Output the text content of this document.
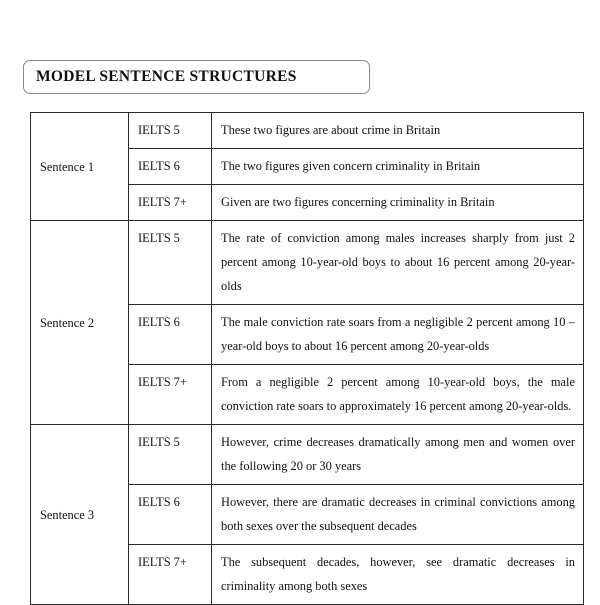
MODEL SENTENCE STRUCTURES
Sentence 1	IELTS 5	These two figures are about crime in Britain
	IELTS 6	The two figures given concern criminality in Britain
	IELTS 7+	Given are two figures concerning criminality in Britain
Sentence 2	IELTS 5	The rate of conviction among males increases sharply from just 2 percent among 10-year-old boys to about 16 percent among 20-year-olds
	IELTS 6	The male conviction rate soars from a negligible 2 percent among 10 –year-old boys to about 16 percent among 20-year-olds
	IELTS 7+	From a negligible 2 percent among 10-year-old boys, the male conviction rate soars to approximately 16 percent among 20-year-olds.
Sentence 3	IELTS 5	However, crime decreases dramatically among men and women over the following 20 or 30 years
	IELTS 6	However, there are dramatic decreases in criminal convictions among both sexes over the subsequent decades
	IELTS 7+	The subsequent decades, however, see dramatic decreases in criminality among both sexes
